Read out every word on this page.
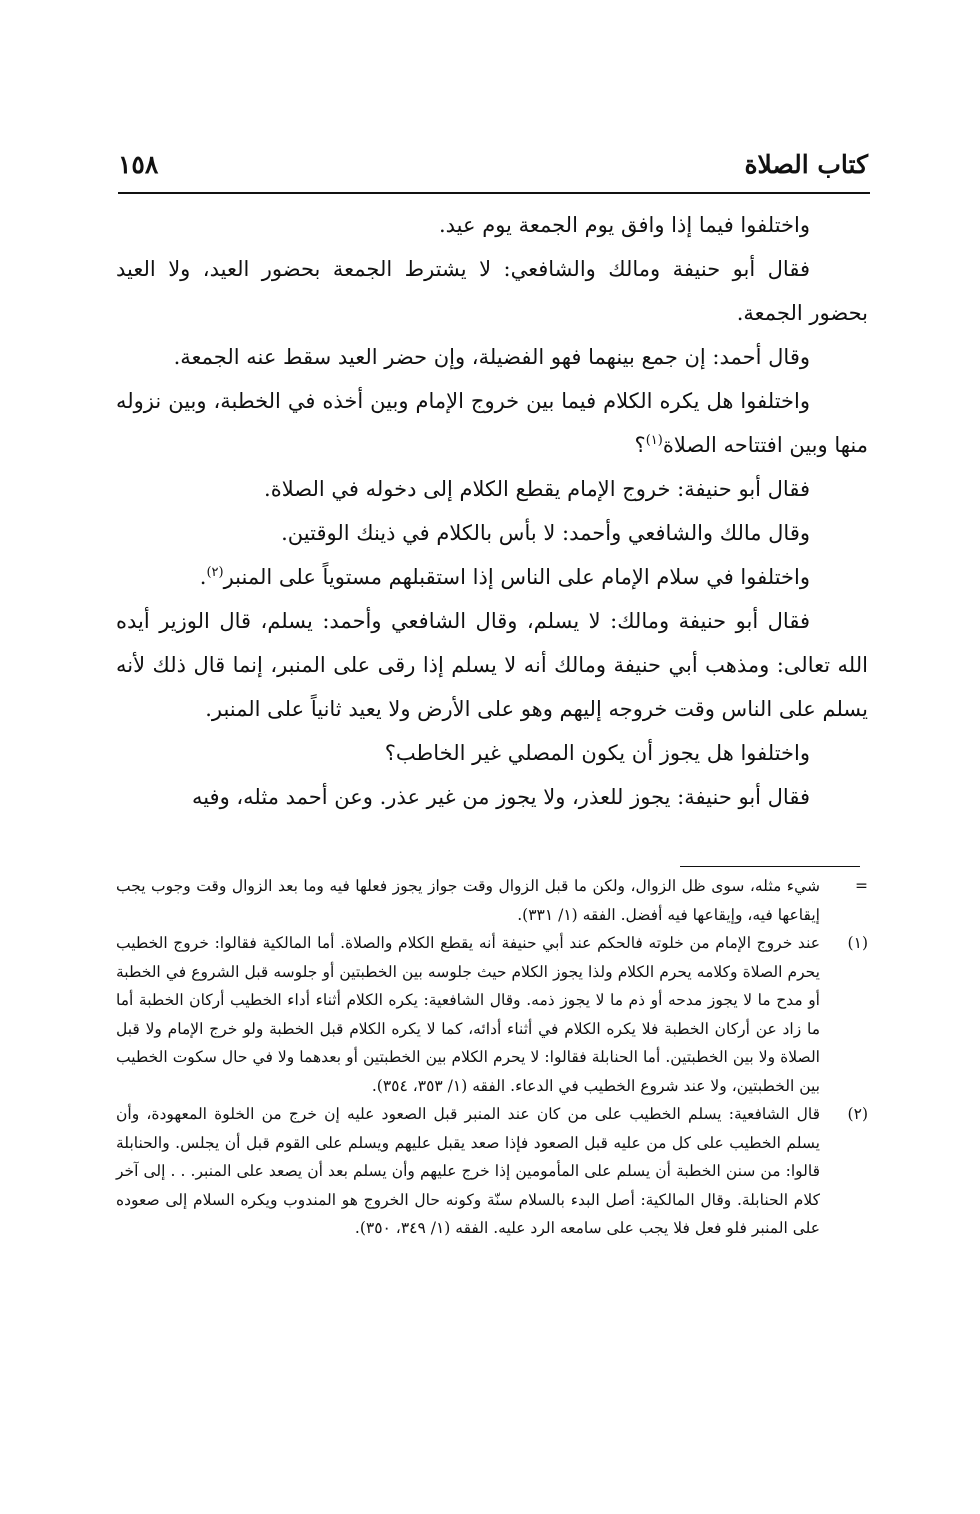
كتاب الصلاة
١٥٨

واختلفوا فيما إذا وافق يوم الجمعة يوم عيد.

فقال أبو حنيفة ومالك والشافعي: لا يشترط الجمعة بحضور العيد، ولا العيد بحضور الجمعة.

وقال أحمد: إن جمع بينهما فهو الفضيلة، وإن حضر العيد سقط عنه الجمعة.

واختلفوا هل يكره الكلام فيما بين خروج الإمام وبين أخذه في الخطبة، وبين نزوله منها وبين افتتاحه الصلاة$^{(١)}$؟

فقال أبو حنيفة: خروج الإمام يقطع الكلام إلى دخوله في الصلاة.

وقال مالك والشافعي وأحمد: لا بأس بالكلام في ذينك الوقتين.

واختلفوا في سلام الإمام على الناس إذا استقبلهم مستوياً على المنبر$^{(٢)}$.

فقال أبو حنيفة ومالك: لا يسلم، وقال الشافعي وأحمد: يسلم، قال الوزير أيده الله تعالى: ومذهب أبي حنيفة ومالك أنه لا يسلم إذا رقى على المنبر، إنما قال ذلك لأنه يسلم على الناس وقت خروجه إليهم وهو على الأرض ولا يعيد ثانياً على المنبر.

واختلفوا هل يجوز أن يكون المصلي غير الخاطب؟

فقال أبو حنيفة: يجوز للعذر، ولا يجوز من غير عذر. وعن أحمد مثله، وفيه

=
شيء مثله، سوى ظل الزوال، ولكن ما قبل الزوال وقت جواز يجوز فعلها فيه وما بعد الزوال وقت وجوب يجب إيقاعها فيه، وإيقاعها فيه أفضل. الفقه (١/ ٣٣١).

(١)
عند خروج الإمام من خلوته فالحكم عند أبي حنيفة أنه يقطع الكلام والصلاة. أما المالكية فقالوا: خروج الخطيب يحرم الصلاة وكلامه يحرم الكلام ولذا يجوز الكلام حيث جلوسه بين الخطبتين أو جلوسه قبل الشروع في الخطبة أو مدح ما لا يجوز مدحه أو ذم ما لا يجوز ذمه. وقال الشافعية: يكره الكلام أثناء أداء الخطيب أركان الخطبة أما ما زاد عن أركان الخطبة فلا يكره الكلام في أثناء أدائه، كما لا يكره الكلام قبل الخطبة ولو خرج الإمام ولا قبل الصلاة ولا بين الخطبتين. أما الحنابلة فقالوا: لا يحرم الكلام بين الخطبتين أو بعدهما ولا في حال سكوت الخطيب بين الخطبتين، ولا عند شروع الخطيب في الدعاء. الفقه (١/ ٣٥٣، ٣٥٤).

(٢)
قال الشافعية: يسلم الخطيب على من كان عند المنبر قبل الصعود عليه إن خرج من الخلوة المعهودة، وأن يسلم الخطيب على كل من عليه قبل الصعود فإذا صعد يقبل عليهم ويسلم على القوم قبل أن يجلس. والحنابلة قالوا: من سنن الخطبة أن يسلم على المأمومين إذا خرج عليهم وأن يسلم بعد أن يصعد على المنبر. . . إلى آخر كلام الحنابلة. وقال المالكية: أصل البدء بالسلام سنّة وكونه حال الخروج هو المندوب ويكره السلام إلى صعوده على المنبر فلو فعل فلا يجب على سامعه الرد عليه. الفقه (١/ ٣٤٩، ٣٥٠).
